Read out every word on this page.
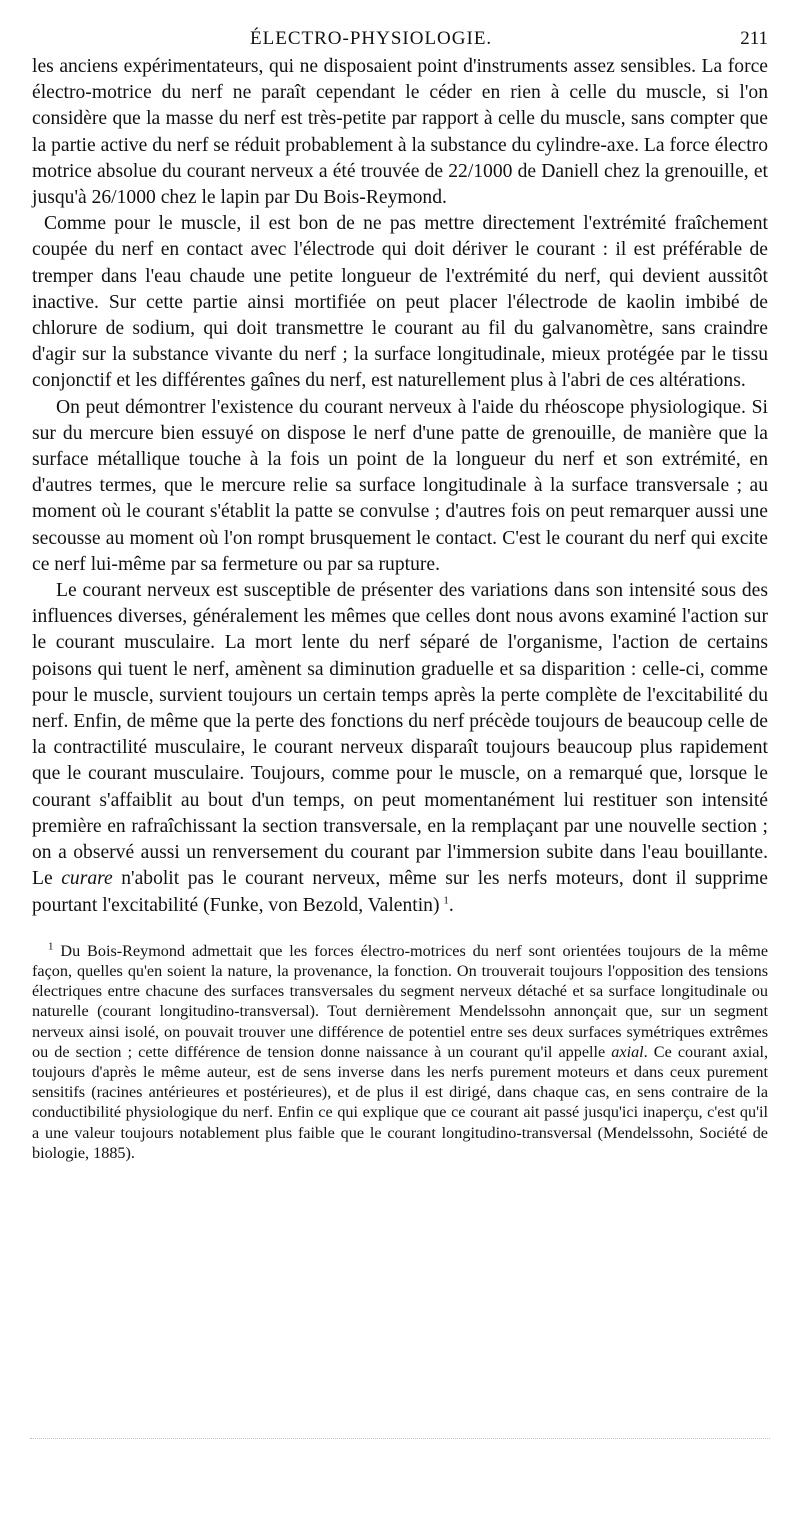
ÉLECTRO-PHYSIOLOGIE.	211

les anciens expérimentateurs, qui ne disposaient point d'instruments assez sensibles. La force électro-motrice du nerf ne paraît cependant le céder en rien à celle du muscle, si l'on considère que la masse du nerf est très-petite par rapport à celle du muscle, sans compter que la partie active du nerf se réduit probablement à la substance du cylindre-axe. La force électro motrice absolue du courant nerveux a été trouvée de 22/1000 de Daniell chez la grenouille, et jusqu'à 26/1000 chez le lapin par Du Bois-Reymond.

Comme pour le muscle, il est bon de ne pas mettre directement l'extrémité fraîchement coupée du nerf en contact avec l'électrode qui doit dériver le courant : il est préférable de tremper dans l'eau chaude une petite longueur de l'extrémité du nerf, qui devient aussitôt inactive. Sur cette partie ainsi mortifiée on peut placer l'électrode de kaolin imbibé de chlorure de sodium, qui doit transmettre le courant au fil du galvanomètre, sans craindre d'agir sur la substance vivante du nerf ; la surface longitudinale, mieux protégée par le tissu conjonctif et les différentes gaînes du nerf, est naturellement plus à l'abri de ces altérations.

On peut démontrer l'existence du courant nerveux à l'aide du rhéoscope physiologique. Si sur du mercure bien essuyé on dispose le nerf d'une patte de grenouille, de manière que la surface métallique touche à la fois un point de la longueur du nerf et son extrémité, en d'autres termes, que le mercure relie sa surface longitudinale à la surface transversale ; au moment où le courant s'établit la patte se convulse ; d'autres fois on peut remarquer aussi une secousse au moment où l'on rompt brusquement le contact. C'est le courant du nerf qui excite ce nerf lui-même par sa fermeture ou par sa rupture.

Le courant nerveux est susceptible de présenter des variations dans son intensité sous des influences diverses, généralement les mêmes que celles dont nous avons examiné l'action sur le courant musculaire. La mort lente du nerf séparé de l'organisme, l'action de certains poisons qui tuent le nerf, amènent sa diminution graduelle et sa disparition : celle-ci, comme pour le muscle, survient toujours un certain temps après la perte complète de l'excitabilité du nerf. Enfin, de même que la perte des fonctions du nerf précède toujours de beaucoup celle de la contractilité musculaire, le courant nerveux disparaît toujours beaucoup plus rapidement que le courant musculaire. Toujours, comme pour le muscle, on a remarqué que, lorsque le courant s'affaiblit au bout d'un temps, on peut momentanément lui restituer son intensité première en rafraîchissant la section transversale, en la remplaçant par une nouvelle section ; on a observé aussi un renversement du courant par l'immersion subite dans l'eau bouillante. Le curare n'abolit pas le courant nerveux, même sur les nerfs moteurs, dont il supprime pourtant l'excitabilité (Funke, von Bezold, Valentin)  $^1$.

$^1$ Du Bois-Reymond admettait que les forces électro-motrices du nerf sont orientées toujours de la même façon, quelles qu'en soient la nature, la provenance, la fonction. On trouverait toujours l'opposition des tensions électriques entre chacune des surfaces transversales du segment nerveux détaché et sa surface longitudinale ou naturelle (courant longitudino-transversal). Tout dernièrement Mendelssohn annonçait que, sur un segment nerveux ainsi isolé, on pouvait trouver une différence de potentiel entre ses deux surfaces symétriques extrêmes ou de section ; cette différence de tension donne naissance à un courant qu'il appelle axial. Ce courant axial, toujours d'après le même auteur, est de sens inverse dans les nerfs purement moteurs et dans ceux purement sensitifs (racines antérieures et postérieures), et de plus il est dirigé, dans chaque cas, en sens contraire de la conductibilité physiologique du nerf. Enfin ce qui explique que ce courant ait passé jusqu'ici inaperçu, c'est qu'il a une valeur toujours notablement plus faible que le courant longitudino-transversal (Mendelssohn, Société de biologie, 1885).
